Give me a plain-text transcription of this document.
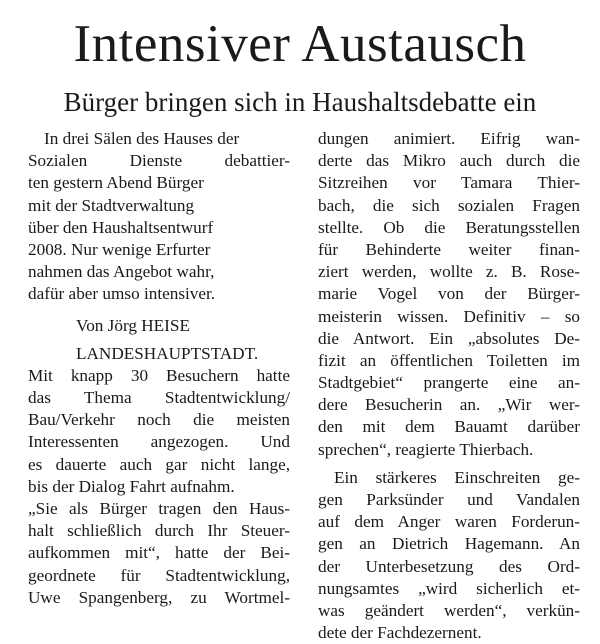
Intensiver Austausch
Bürger bringen sich in Haushaltsdebatte ein
In drei Sälen des Hauses der
Sozialen Dienste debattier-
ten gestern Abend Bürger
mit der Stadtverwaltung
über den Haushaltsentwurf
2008. Nur wenige Erfurter
nahmen das Angebot wahr,
dafür aber umso intensiver.
Von Jörg HEISE
LANDESHAUPTSTADT.
Mit knapp 30 Besuchern hatte
das Thema Stadtentwicklung/
Bau/Verkehr noch die meisten
Interessenten angezogen. Und
es dauerte auch gar nicht lange,
bis der Dialog Fahrt aufnahm.
„Sie als Bürger tragen den Haus-
halt schließlich durch Ihr Steuer-
aufkommen mit“, hatte der Bei-
geordnete für Stadtentwicklung,
Uwe Spangenberg, zu Wortmel-
dungen animiert. Eifrig wan-
derte das Mikro auch durch die
Sitzreihen vor Tamara Thier-
bach, die sich sozialen Fragen
stellte. Ob die Beratungsstellen
für Behinderte weiter finan-
ziert werden, wollte z. B. Rose-
marie Vogel von der Bürger-
meisterin wissen. Definitiv – so
die Antwort. Ein „absolutes De-
fizit an öffentlichen Toiletten im
Stadtgebiet“ prangerte eine an-
dere Besucherin an. „Wir wer-
den mit dem Bauamt darüber
sprechen“, reagierte Thierbach.
Ein stärkeres Einschreiten ge-
gen Parksünder und Vandalen
auf dem Anger waren Forderun-
gen an Dietrich Hagemann. An
der Unterbesetzung des Ord-
nungsamtes „wird sicherlich et-
was geändert werden“, verkün-
dete der Fachdezernent.
